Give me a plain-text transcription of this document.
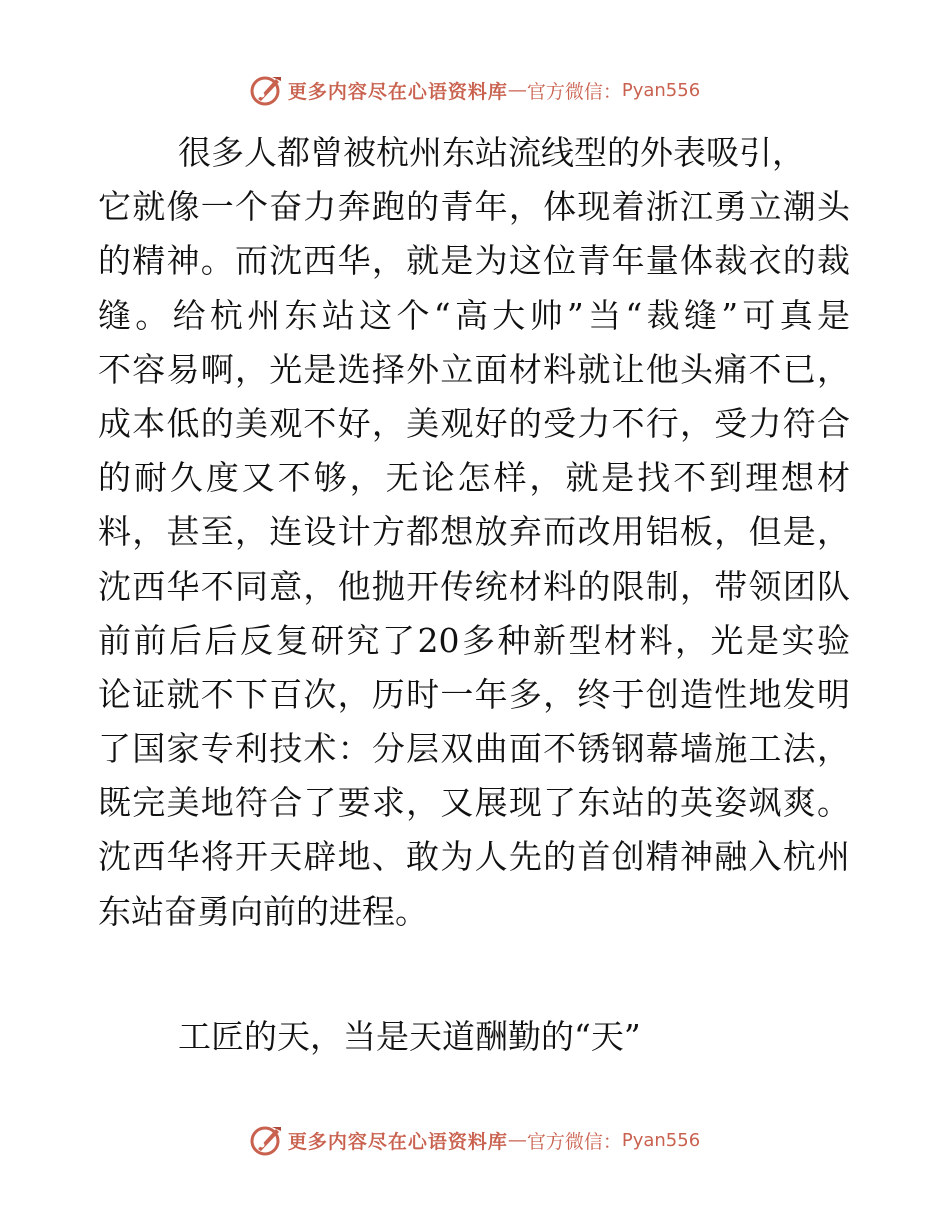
更多内容尽在心语资料库 — 官方微信： Pyan556
很多人都曾被杭州东站流线型的外表吸引，
它就像一个奋力奔跑的青年，体现着浙江勇立潮头
的精神。而沈西华，就是为这位青年量体裁衣的裁
缝。给杭州东站这个“高大帅”当“裁缝”可真是
不容易啊，光是选择外立面材料就让他头痛不已，
成本低的美观不好，美观好的受力不行，受力符合
的耐久度又不够，无论怎样，就是找不到理想材
料，甚至，连设计方都想放弃而改用铝板，但是，
沈西华不同意，他抛开传统材料的限制，带领团队
前前后后反复研究了20多种新型材料，光是实验
论证就不下百次，历时一年多，终于创造性地发明
了国家专利技术：分层双曲面不锈钢幕墙施工法，
既完美地符合了要求，又展现了东站的英姿飒爽。
沈西华将开天辟地、敢为人先的首创精神融入杭州
东站奋勇向前的进程。
工匠的天，当是天道酬勤的“天”
更多内容尽在心语资料库 — 官方微信： Pyan556
